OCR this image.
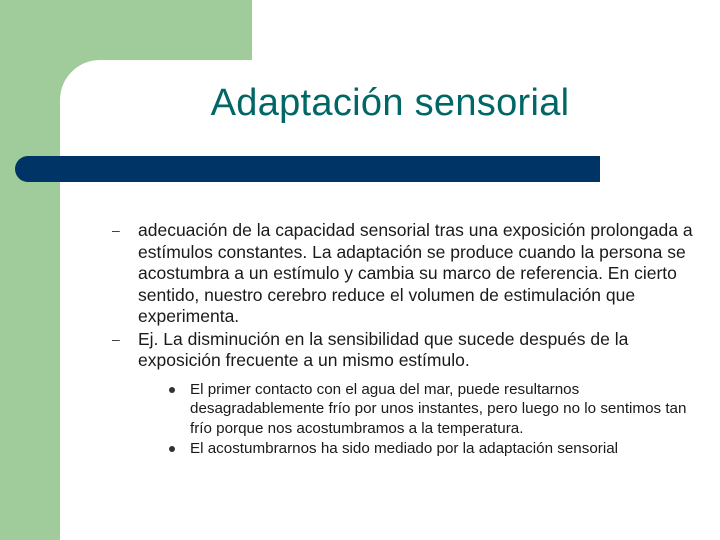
Adaptación sensorial
– adecuación de la capacidad sensorial tras una exposición prolongada a estímulos constantes. La adaptación se produce cuando la persona se acostumbra a un estímulo y cambia su marco de referencia. En cierto sentido, nuestro cerebro reduce el volumen de estimulación que experimenta.
– Ej. La disminución en la sensibilidad que sucede después de la exposición frecuente a un mismo estímulo.
El primer contacto con el agua del mar, puede resultarnos desagradablemente frío por unos instantes, pero luego no lo sentimos tan frío porque nos acostumbramos a la temperatura.
El acostumbrarnos ha sido mediado por la adaptación sensorial
